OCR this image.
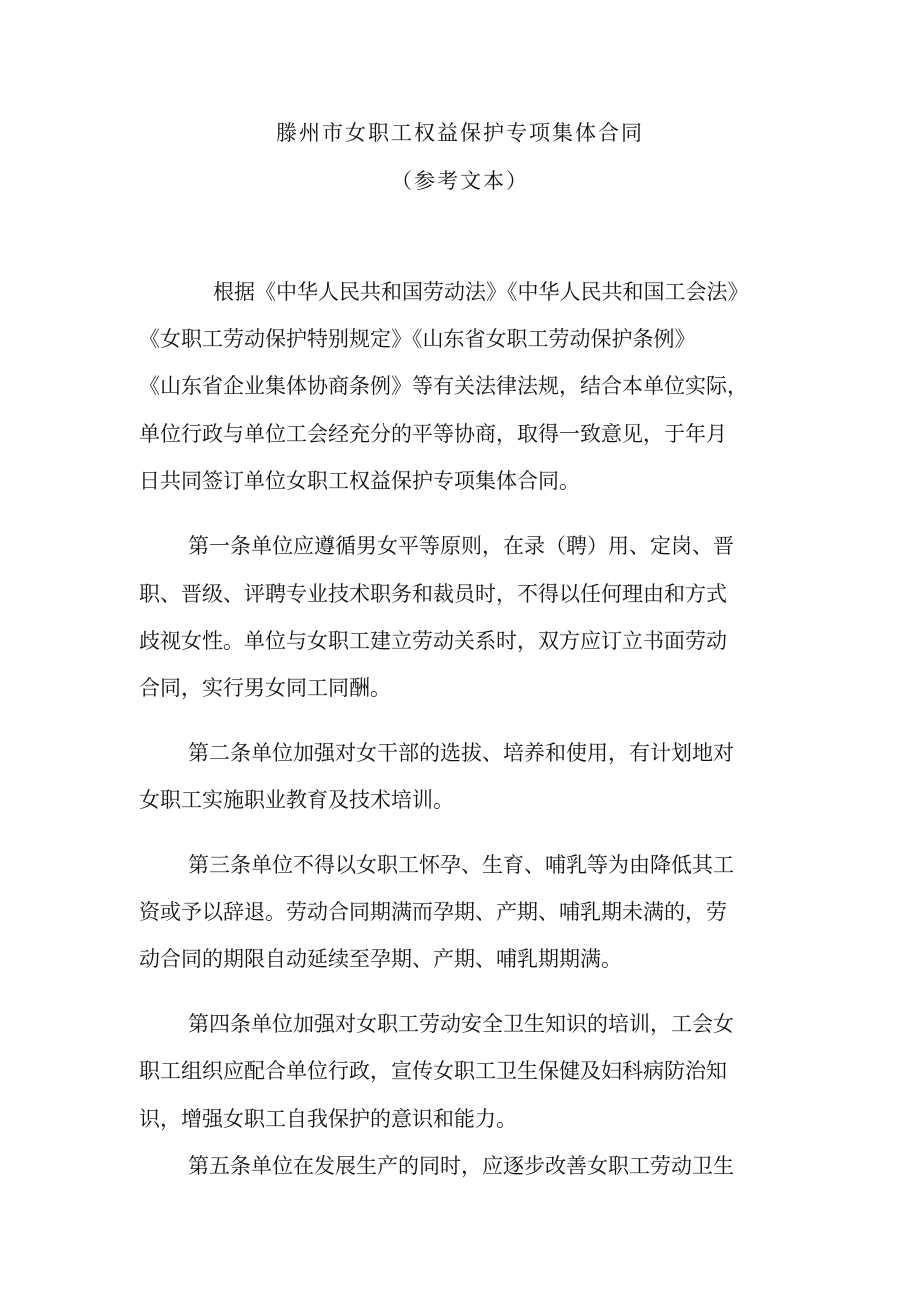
滕州市女职工权益保护专项集体合同
（参考文本）
根据《中华人民共和国劳动法》《中华人民共和国工会法》
《女职工劳动保护特别规定》《山东省女职工劳动保护条例》
《山东省企业集体协商条例》等有关法律法规，结合本单位实际，
单位行政与单位工会经充分的平等协商，取得一致意见，于年月
日共同签订单位女职工权益保护专项集体合同。
第一条单位应遵循男女平等原则，在录（聘）用、定岗、晋
职、晋级、评聘专业技术职务和裁员时，不得以任何理由和方式
歧视女性。单位与女职工建立劳动关系时，双方应订立书面劳动
合同，实行男女同工同酬。
第二条单位加强对女干部的选拔、培养和使用，有计划地对
女职工实施职业教育及技术培训。
第三条单位不得以女职工怀孕、生育、哺乳等为由降低其工
资或予以辞退。劳动合同期满而孕期、产期、哺乳期未满的，劳
动合同的期限自动延续至孕期、产期、哺乳期期满。
第四条单位加强对女职工劳动安全卫生知识的培训，工会女
职工组织应配合单位行政，宣传女职工卫生保健及妇科病防治知
识，增强女职工自我保护的意识和能力。
第五条单位在发展生产的同时，应逐步改善女职工劳动卫生
